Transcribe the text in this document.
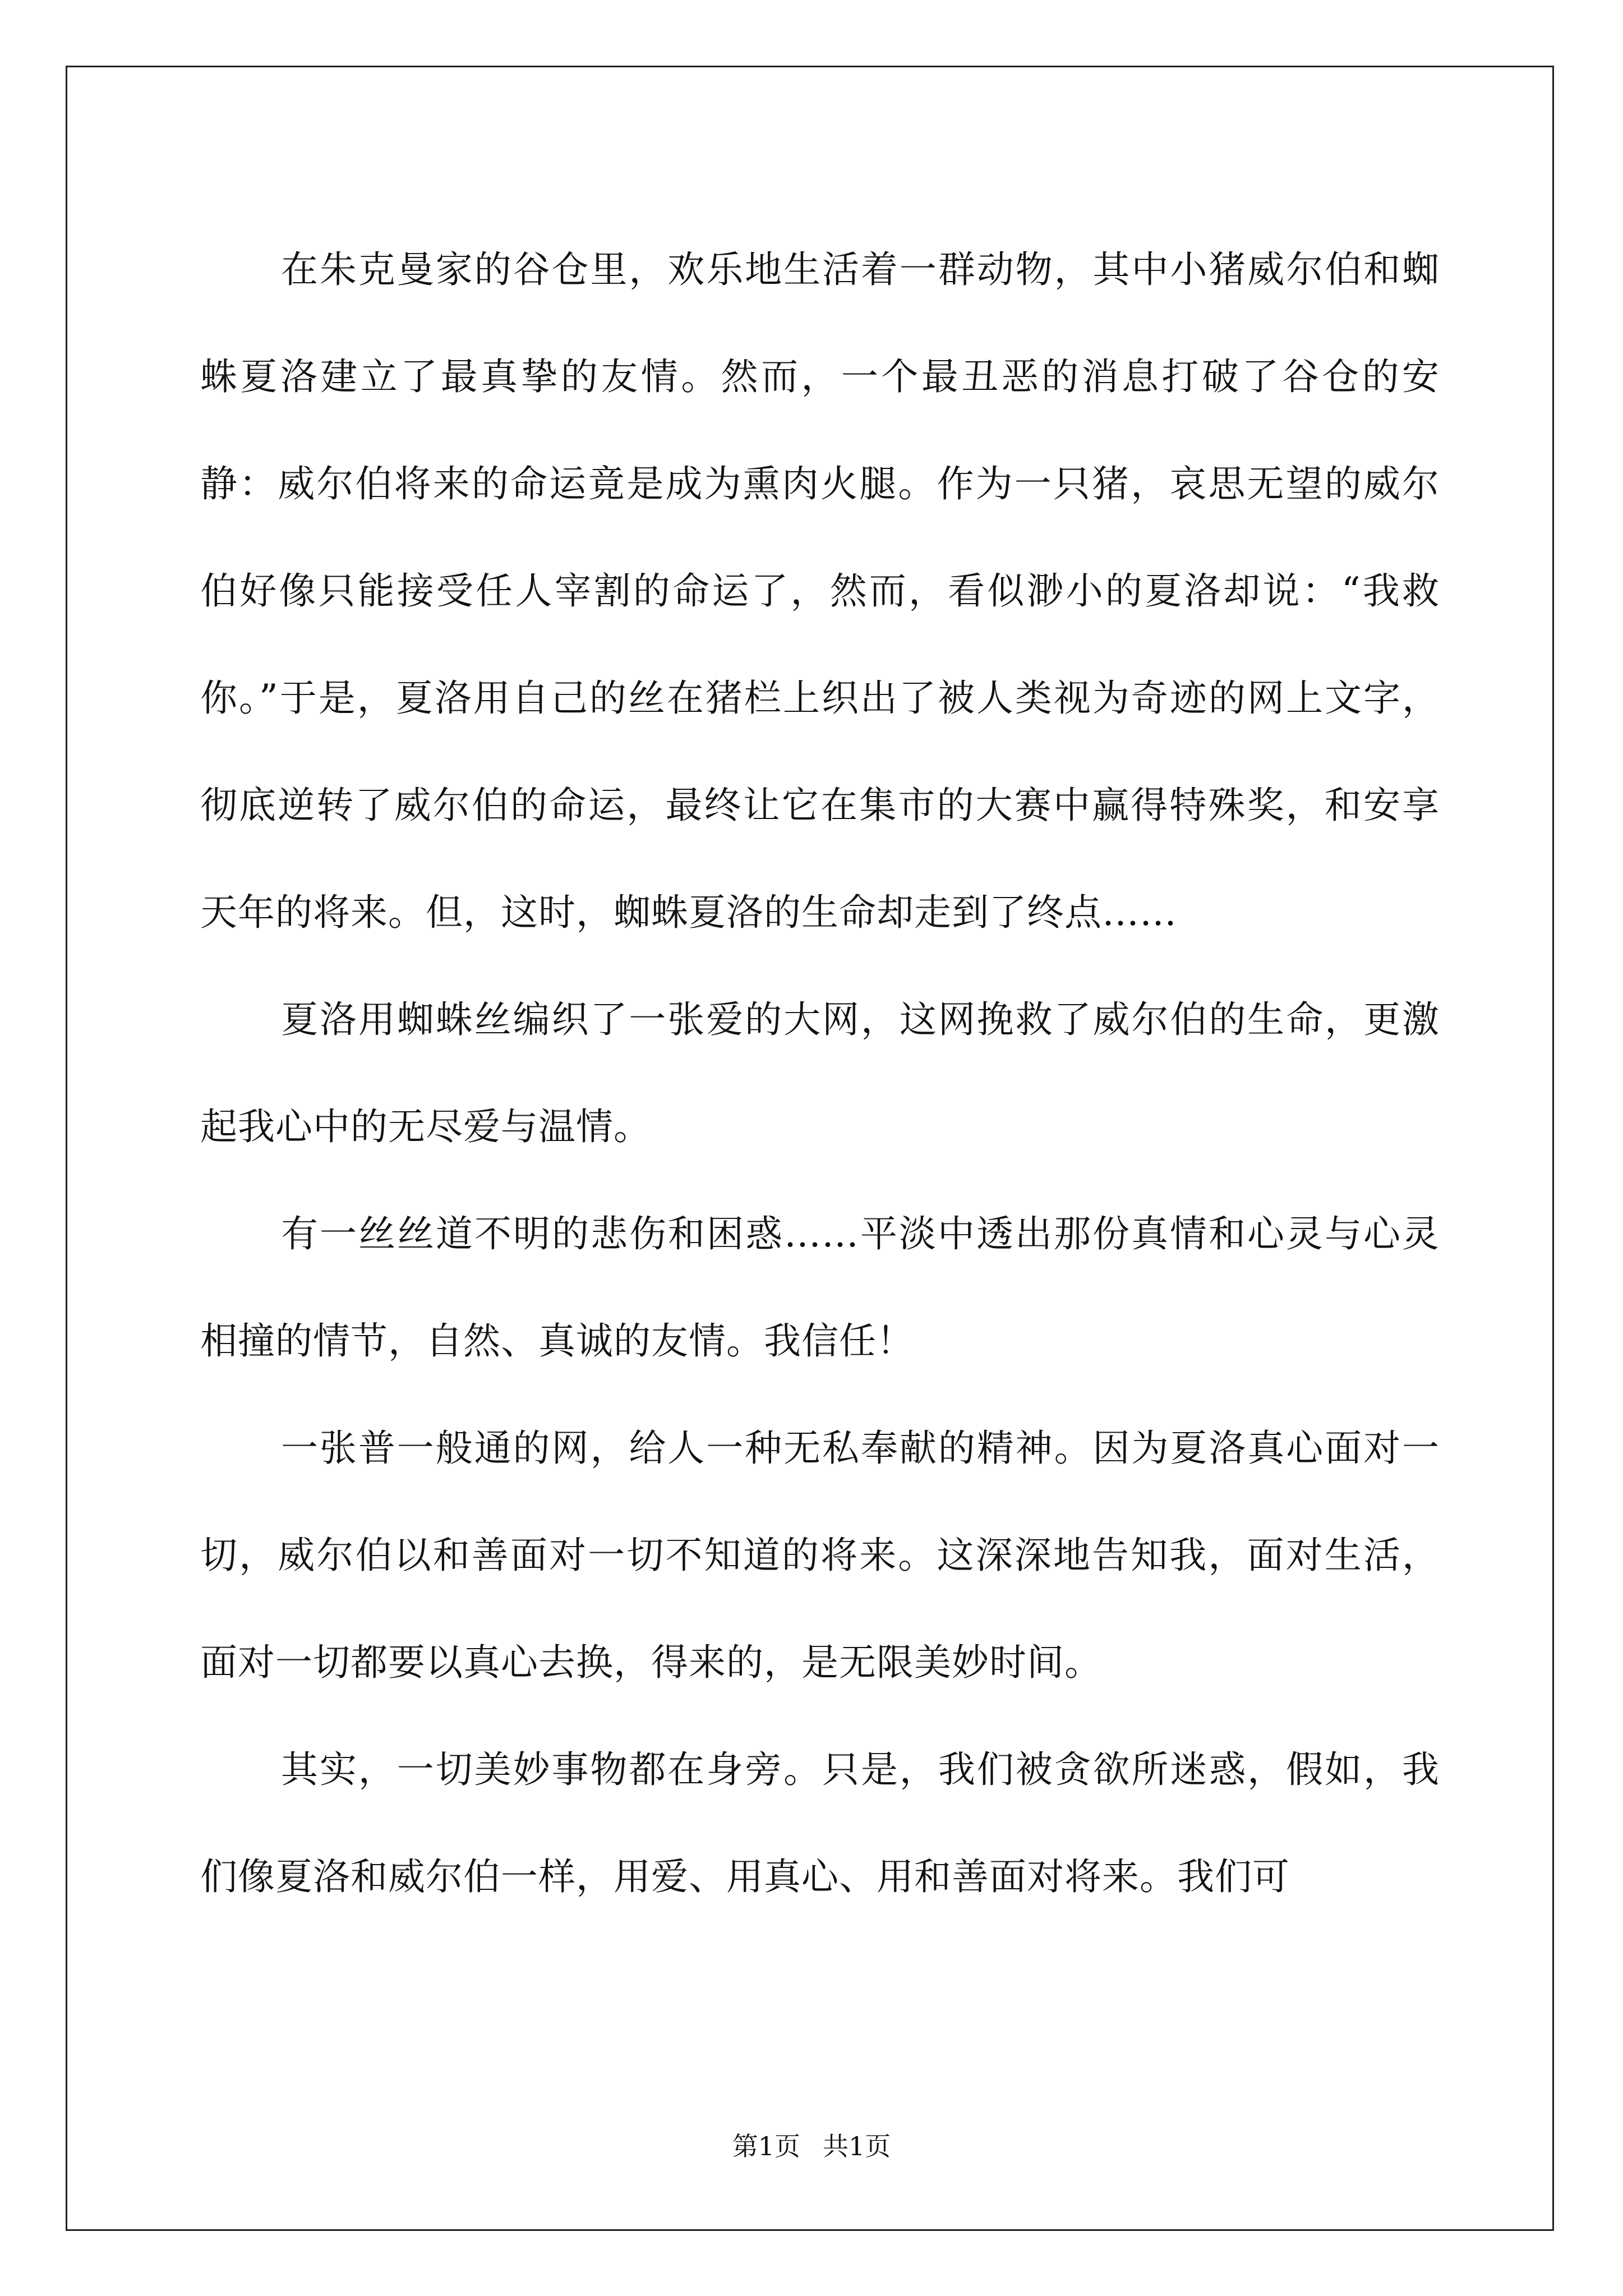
在朱克曼家的谷仓里，欢乐地生活着一群动物，其中小猪威尔伯和蜘蛛夏洛建立了最真挚的友情。然而，一个最丑恶的消息打破了谷仓的安静：威尔伯将来的命运竟是成为熏肉火腿。作为一只猪，哀思无望的威尔伯好像只能接受任人宰割的命运了，然而，看似渺小的夏洛却说：“我救你。”于是，夏洛用自己的丝在猪栏上织出了被人类视为奇迹的网上文字，彻底逆转了威尔伯的命运，最终让它在集市的大赛中赢得特殊奖，和安享天年的将来。但，这时，蜘蛛夏洛的生命却走到了终点……

夏洛用蜘蛛丝编织了一张爱的大网，这网挽救了威尔伯的生命，更激起我心中的无尽爱与温情。

有一丝丝道不明的悲伤和困惑……平淡中透出那份真情和心灵与心灵相撞的情节，自然、真诚的友情。我信任！

一张普一般通的网，给人一种无私奉献的精神。因为夏洛真心面对一切，威尔伯以和善面对一切不知道的将来。这深深地告知我，面对生活，面对一切都要以真心去换，得来的，是无限美妙时间。

其实，一切美妙事物都在身旁。只是，我们被贪欲所迷惑，假如，我们像夏洛和威尔伯一样，用爱、用真心、用和善面对将来。我们可

第1页 共1页
